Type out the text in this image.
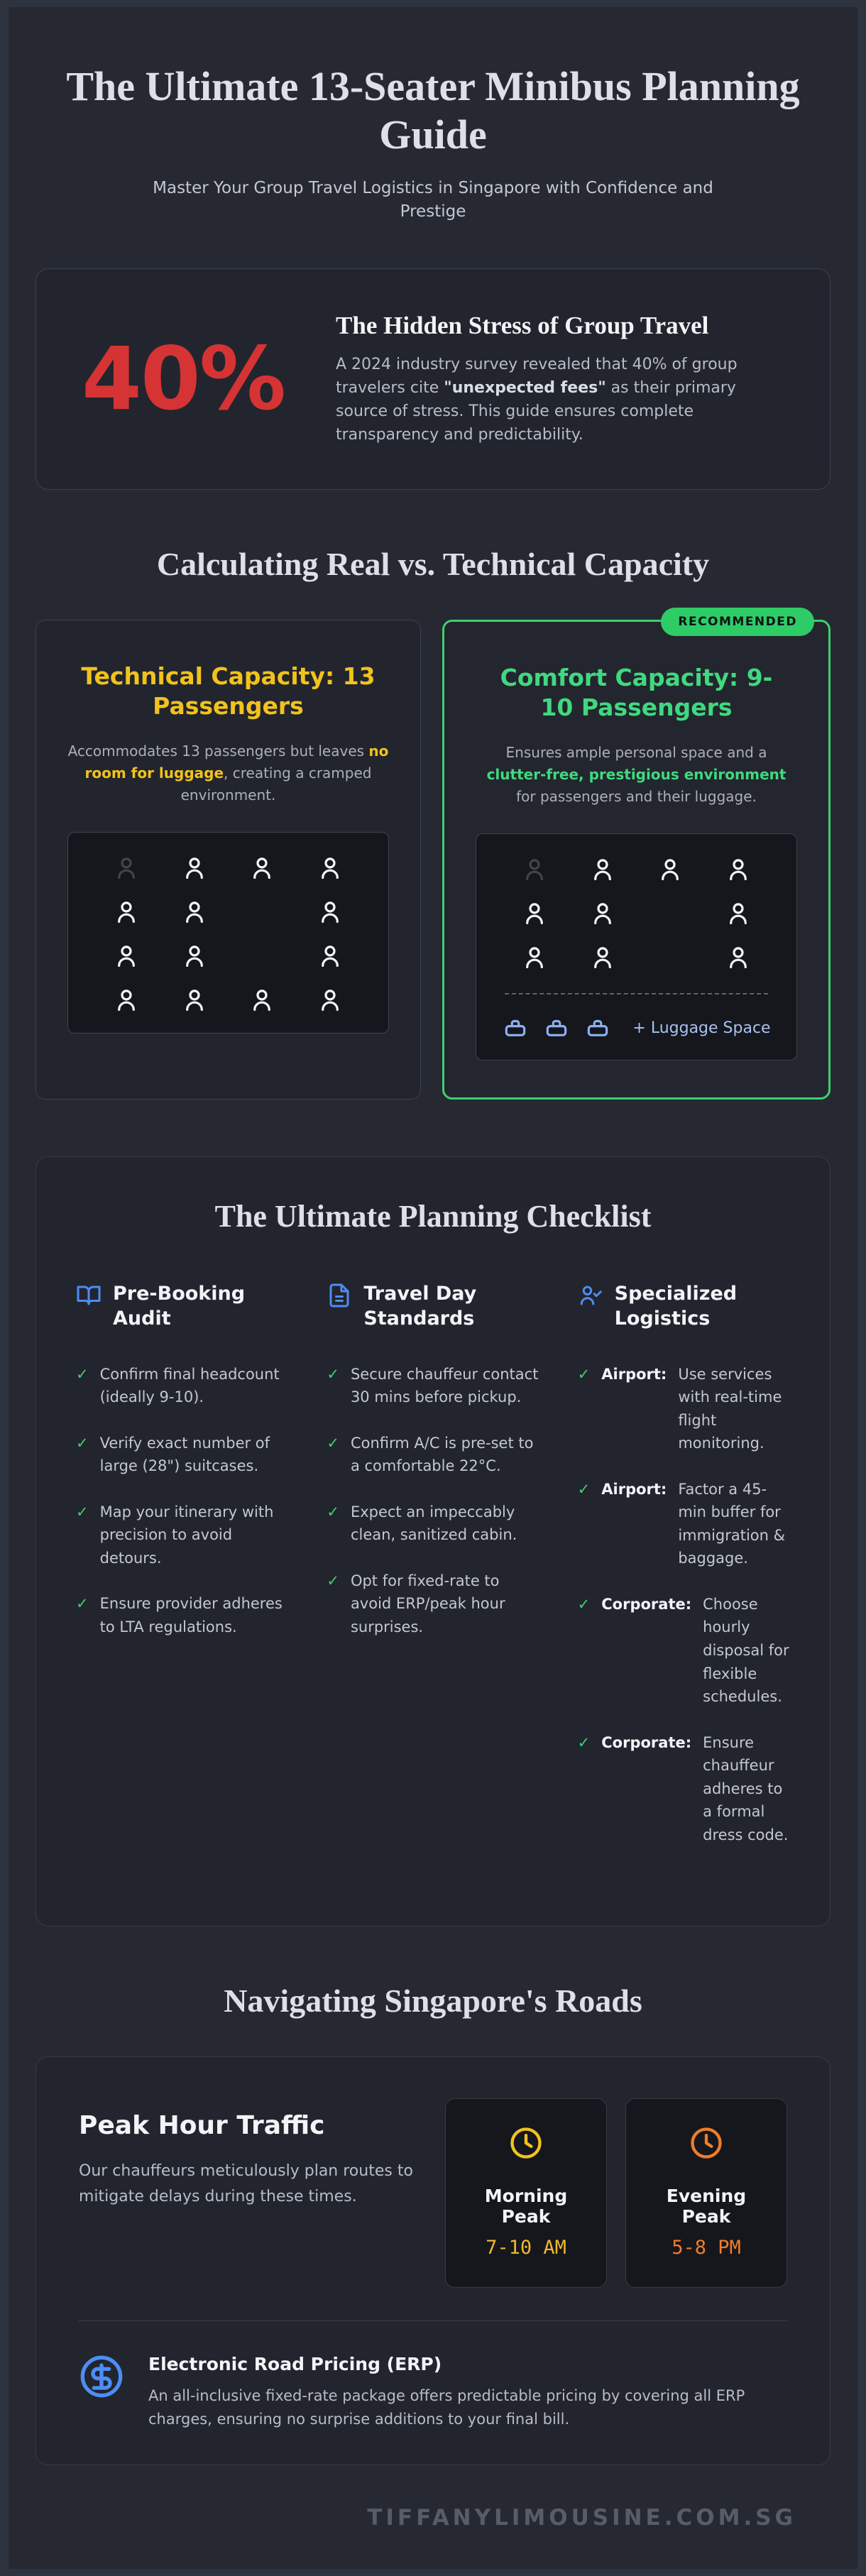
The Ultimate 13-Seater Minibus Planning Guide

Master Your Group Travel Logistics in Singapore with Confidence and Prestige

40%
The Hidden Stress of Group Travel

A 2024 industry survey revealed that 40% of group travelers cite "unexpected fees" as their primary source of stress. This guide ensures complete transparency and predictability.

Calculating Real vs. Technical Capacity
Technical Capacity: 13 Passengers

Accommodates 13 passengers but leaves no room for luggage, creating a cramped environment.

RECOMMENDED
Comfort Capacity: 9-10 Passengers

Ensures ample personal space and a clutter-free, prestigious environment for passengers and their luggage.

+ Luggage Space
The Ultimate Planning Checklist
Pre-Booking Audit
✓ Confirm final headcount (ideally 9-10).
✓ Verify exact number of large (28") suitcases.
✓ Map your itinerary with precision to avoid detours.
✓ Ensure provider adheres to LTA regulations.
Travel Day Standards
✓ Secure chauffeur contact 30 mins before pickup.
✓ Confirm A/C is pre-set to a comfortable 22°C.
✓ Expect an impeccably clean, sanitized cabin.
✓ Opt for fixed-rate to avoid ERP/peak hour surprises.
Specialized Logistics
✓ Airport: Use services with real-time flight monitoring.
✓ Airport: Factor a 45-min buffer for immigration & baggage.
✓ Corporate: Choose hourly disposal for flexible schedules.
✓ Corporate: Ensure chauffeur adheres to a formal dress code.
Navigating Singapore's Roads
Peak Hour Traffic

Our chauffeurs meticulously plan routes to mitigate delays during these times.	Morning Peak
7-10 AM
Evening Peak
5-8 PM
Electronic Road Pricing (ERP)

An all-inclusive fixed-rate package offers predictable pricing by covering all ERP charges, ensuring no surprise additions to your final bill.

TIFFANYLIMOUSINE.COM.SG
